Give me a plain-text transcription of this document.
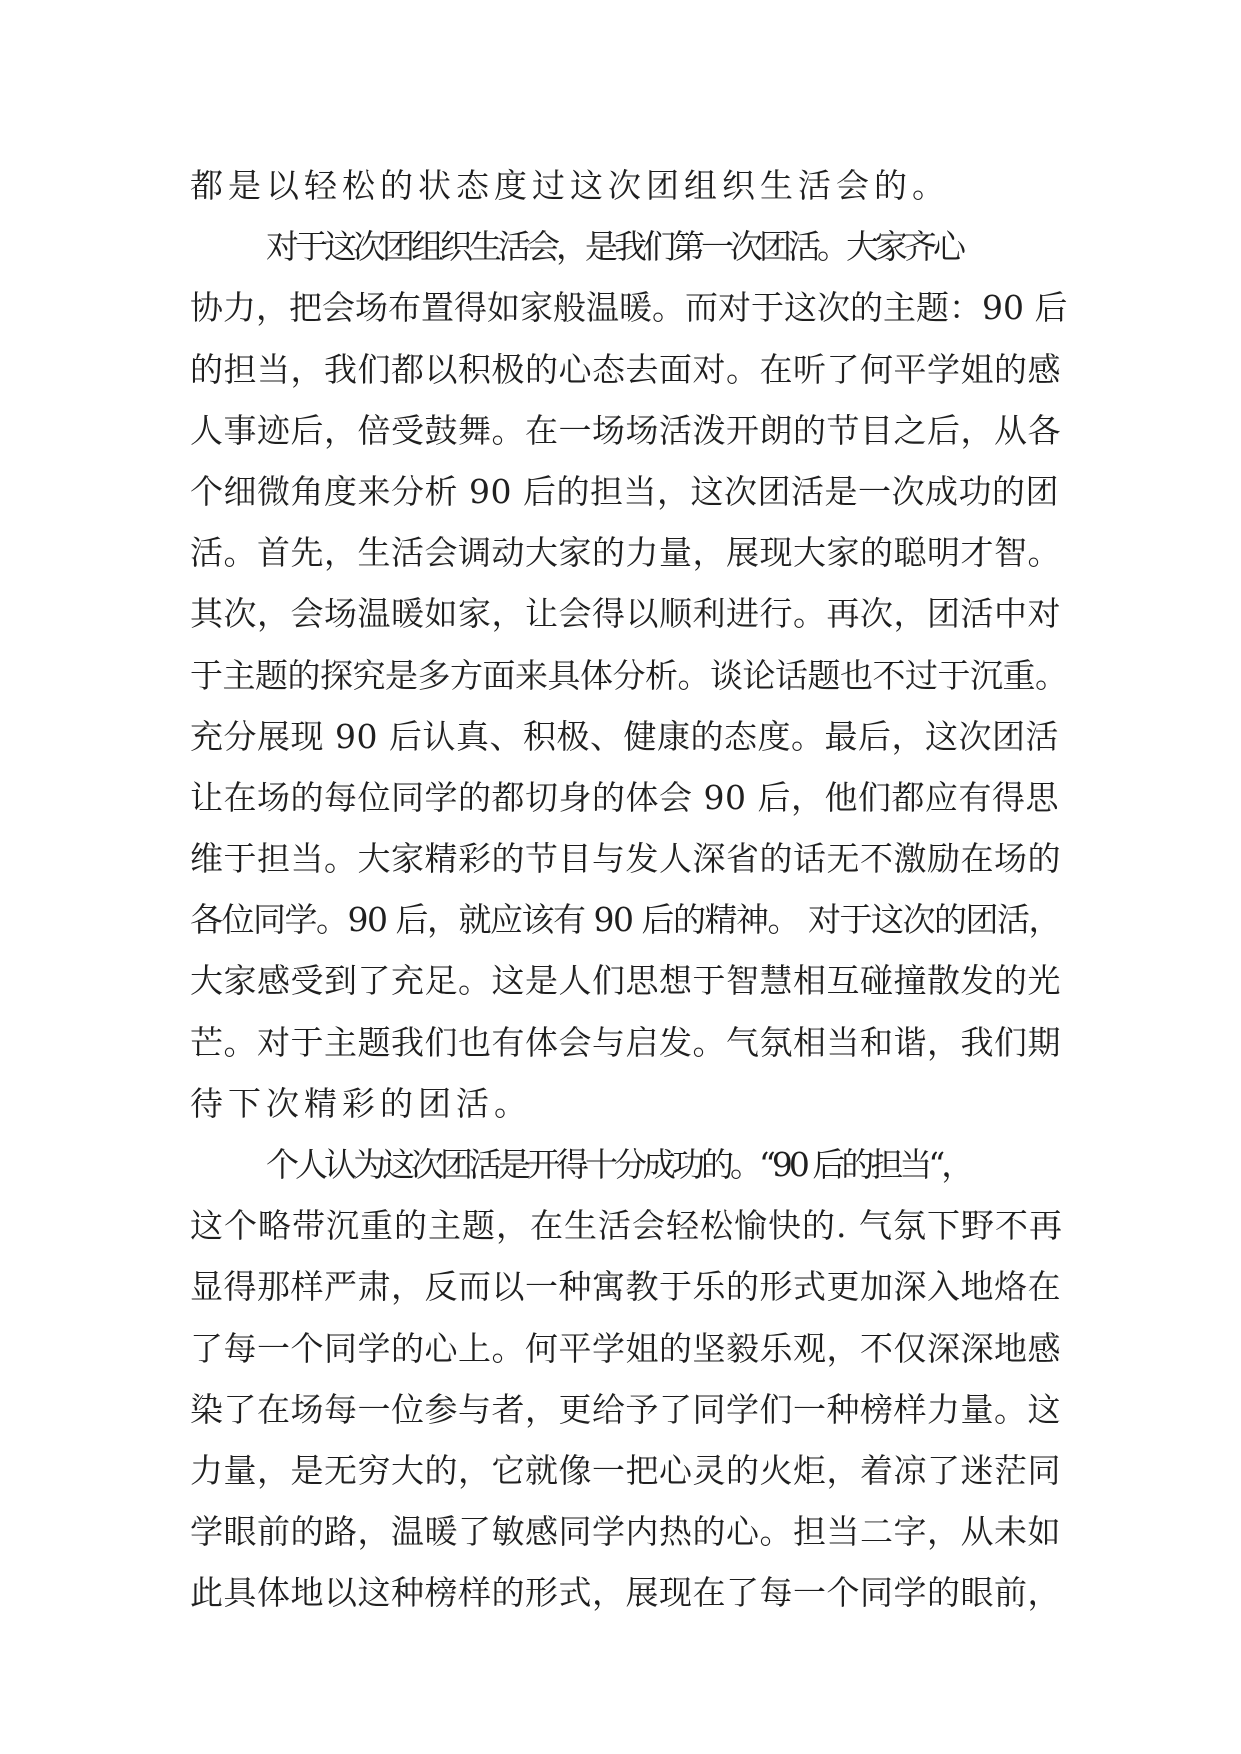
都是以轻松的状态度过这次团组织生活会的。
对于这次团组织生活会，是我们第一次团活。大家齐心
协力，把会场布置得如家般温暖。而对于这次的主题：90 后
的担当，我们都以积极的心态去面对。在听了何平学姐的感
人事迹后，倍受鼓舞。在一场场活泼开朗的节目之后，从各
个细微角度来分析 90 后的担当，这次团活是一次成功的团
活。首先，生活会调动大家的力量，展现大家的聪明才智。
其次，会场温暖如家，让会得以顺利进行。再次，团活中对
于主题的探究是多方面来具体分析。谈论话题也不过于沉重。
充分展现 90 后认真、积极、健康的态度。最后，这次团活
让在场的每位同学的都切身的体会 90 后，他们都应有得思
维于担当。大家精彩的节目与发人深省的话无不激励在场的
各位同学。90 后，就应该有 90 后的精神。 对于这次的团活，
大家感受到了充足。这是人们思想于智慧相互碰撞散发的光
芒。对于主题我们也有体会与启发。气氛相当和谐，我们期
待下次精彩的团活。
个人认为这次团活是开得十分成功的。“90 后的担当“，
这个略带沉重的主题，在生活会轻松愉快的. 气氛下野不再
显得那样严肃，反而以一种寓教于乐的形式更加深入地烙在
了每一个同学的心上。何平学姐的坚毅乐观，不仅深深地感
染了在场每一位参与者，更给予了同学们一种榜样力量。这
力量，是无穷大的，它就像一把心灵的火炬，着凉了迷茫同
学眼前的路，温暖了敏感同学内热的心。担当二字，从未如
此具体地以这种榜样的形式，展现在了每一个同学的眼前，
